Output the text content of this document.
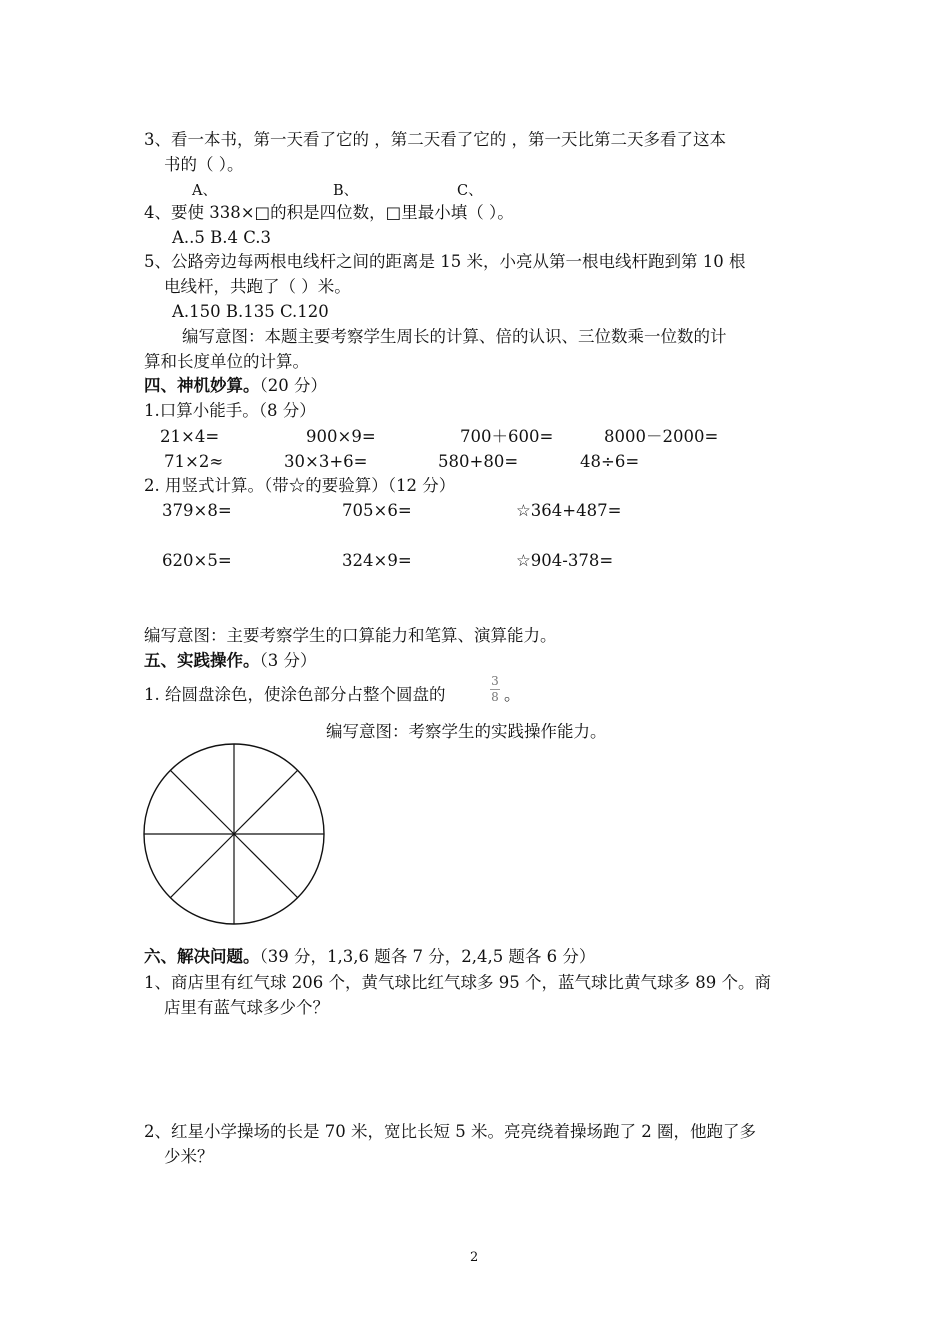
3、看一本书，第一天看了它的 ，第二天看了它的 ，第一天比第二天多看了这本
书的（ ）。
A、	B、	C、
4、要使 338×□的积是四位数，□里最小填（ ）。
A..5 B.4 C.3
5、公路旁边每两根电线杆之间的距离是 15 米，小亮从第一根电线杆跑到第 10 根
电线杆，共跑了（ ）米。
A.150 B.135 C.120
编写意图：本题主要考察学生周长的计算、倍的认识、三位数乘一位数的计
算和长度单位的计算。
四、神机妙算。（20 分）
1.口算小能手。（8 分）
21×4=	900×9=	700＋600=	8000－2000=
71×2≈	30×3+6=	580+80=	48÷6=
2. 用竖式计算。（带☆的要验算）（12 分）
379×8=	705×6=	☆364+487=
620×5=	324×9=	☆904-378=
编写意图：主要考察学生的口算能力和笔算、演算能力。
五、实践操作。（3 分）
1. 给圆盘涂色，使涂色部分占整个圆盘的
3
8 。
编写意图：考察学生的实践操作能力。
六、解决问题。（39 分，1,3,6 题各 7 分，2,4,5 题各 6 分）
1、商店里有红气球 206 个，黄气球比红气球多 95 个，蓝气球比黄气球多 89 个。商
店里有蓝气球多少个？
2、红星小学操场的长是 70 米，宽比长短 5 米。亮亮绕着操场跑了 2 圈，他跑了多
少米？
2
